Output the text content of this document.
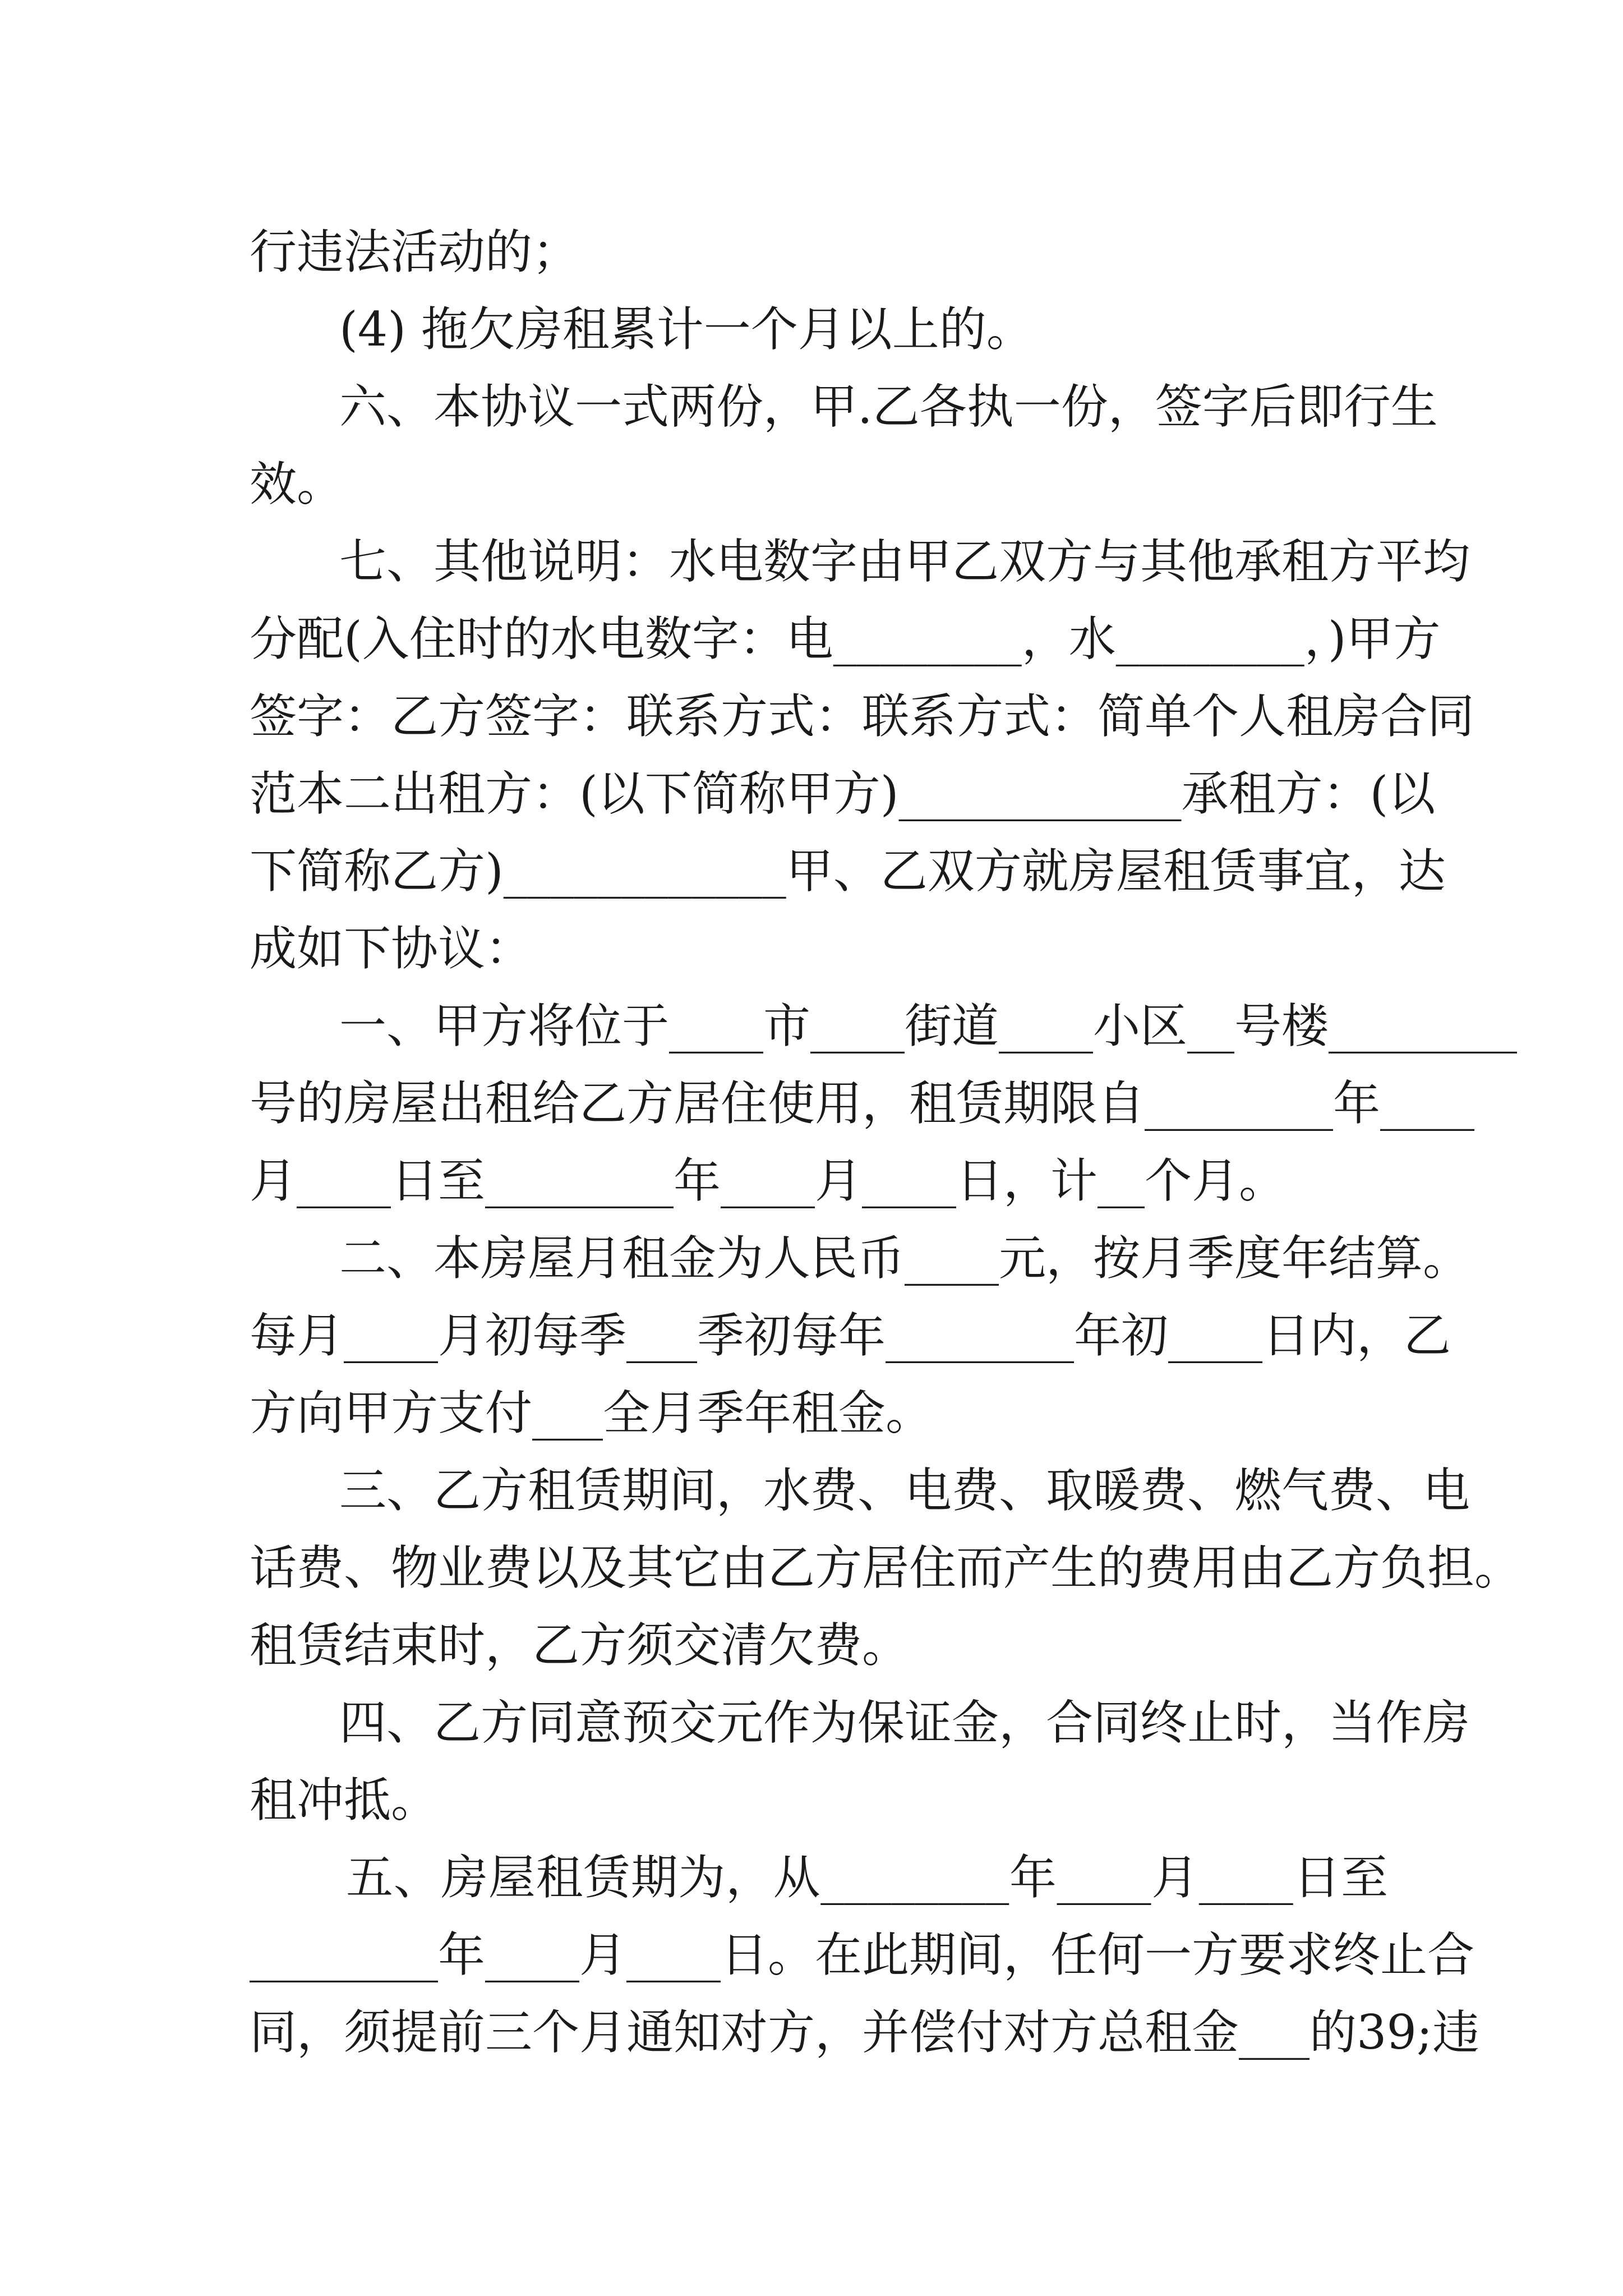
行违法活动的；
(4) 拖欠房租累计一个月以上的。
六、本协议一式两份，甲.乙各执一份，签字后即行生
效。
七、其他说明：水电数字由甲乙双方与其他承租方平均
分配(入住时的水电数字：电________，水________，)甲方
签字：乙方签字：联系方式：联系方式：简单个人租房合同
范本二出租方：(以下简称甲方)____________承租方：(以
下简称乙方)____________甲、乙双方就房屋租赁事宜，达
成如下协议：
一、甲方将位于____市____街道____小区__号楼________
号的房屋出租给乙方居住使用，租赁期限自________年____
月____日至________年____月____日，计__个月。
二、本房屋月租金为人民币____元，按月季度年结算。
每月____月初每季___季初每年________年初____日内，乙
方向甲方支付___全月季年租金。
三、乙方租赁期间，水费、电费、取暖费、燃气费、电
话费、物业费以及其它由乙方居住而产生的费用由乙方负担。
租赁结束时，乙方须交清欠费。
四、乙方同意预交元作为保证金，合同终止时，当作房
租冲抵。
五、房屋租赁期为，从________年____月____日至
________年____月____日。在此期间，任何一方要求终止合
同，须提前三个月通知对方，并偿付对方总租金___的39;违
